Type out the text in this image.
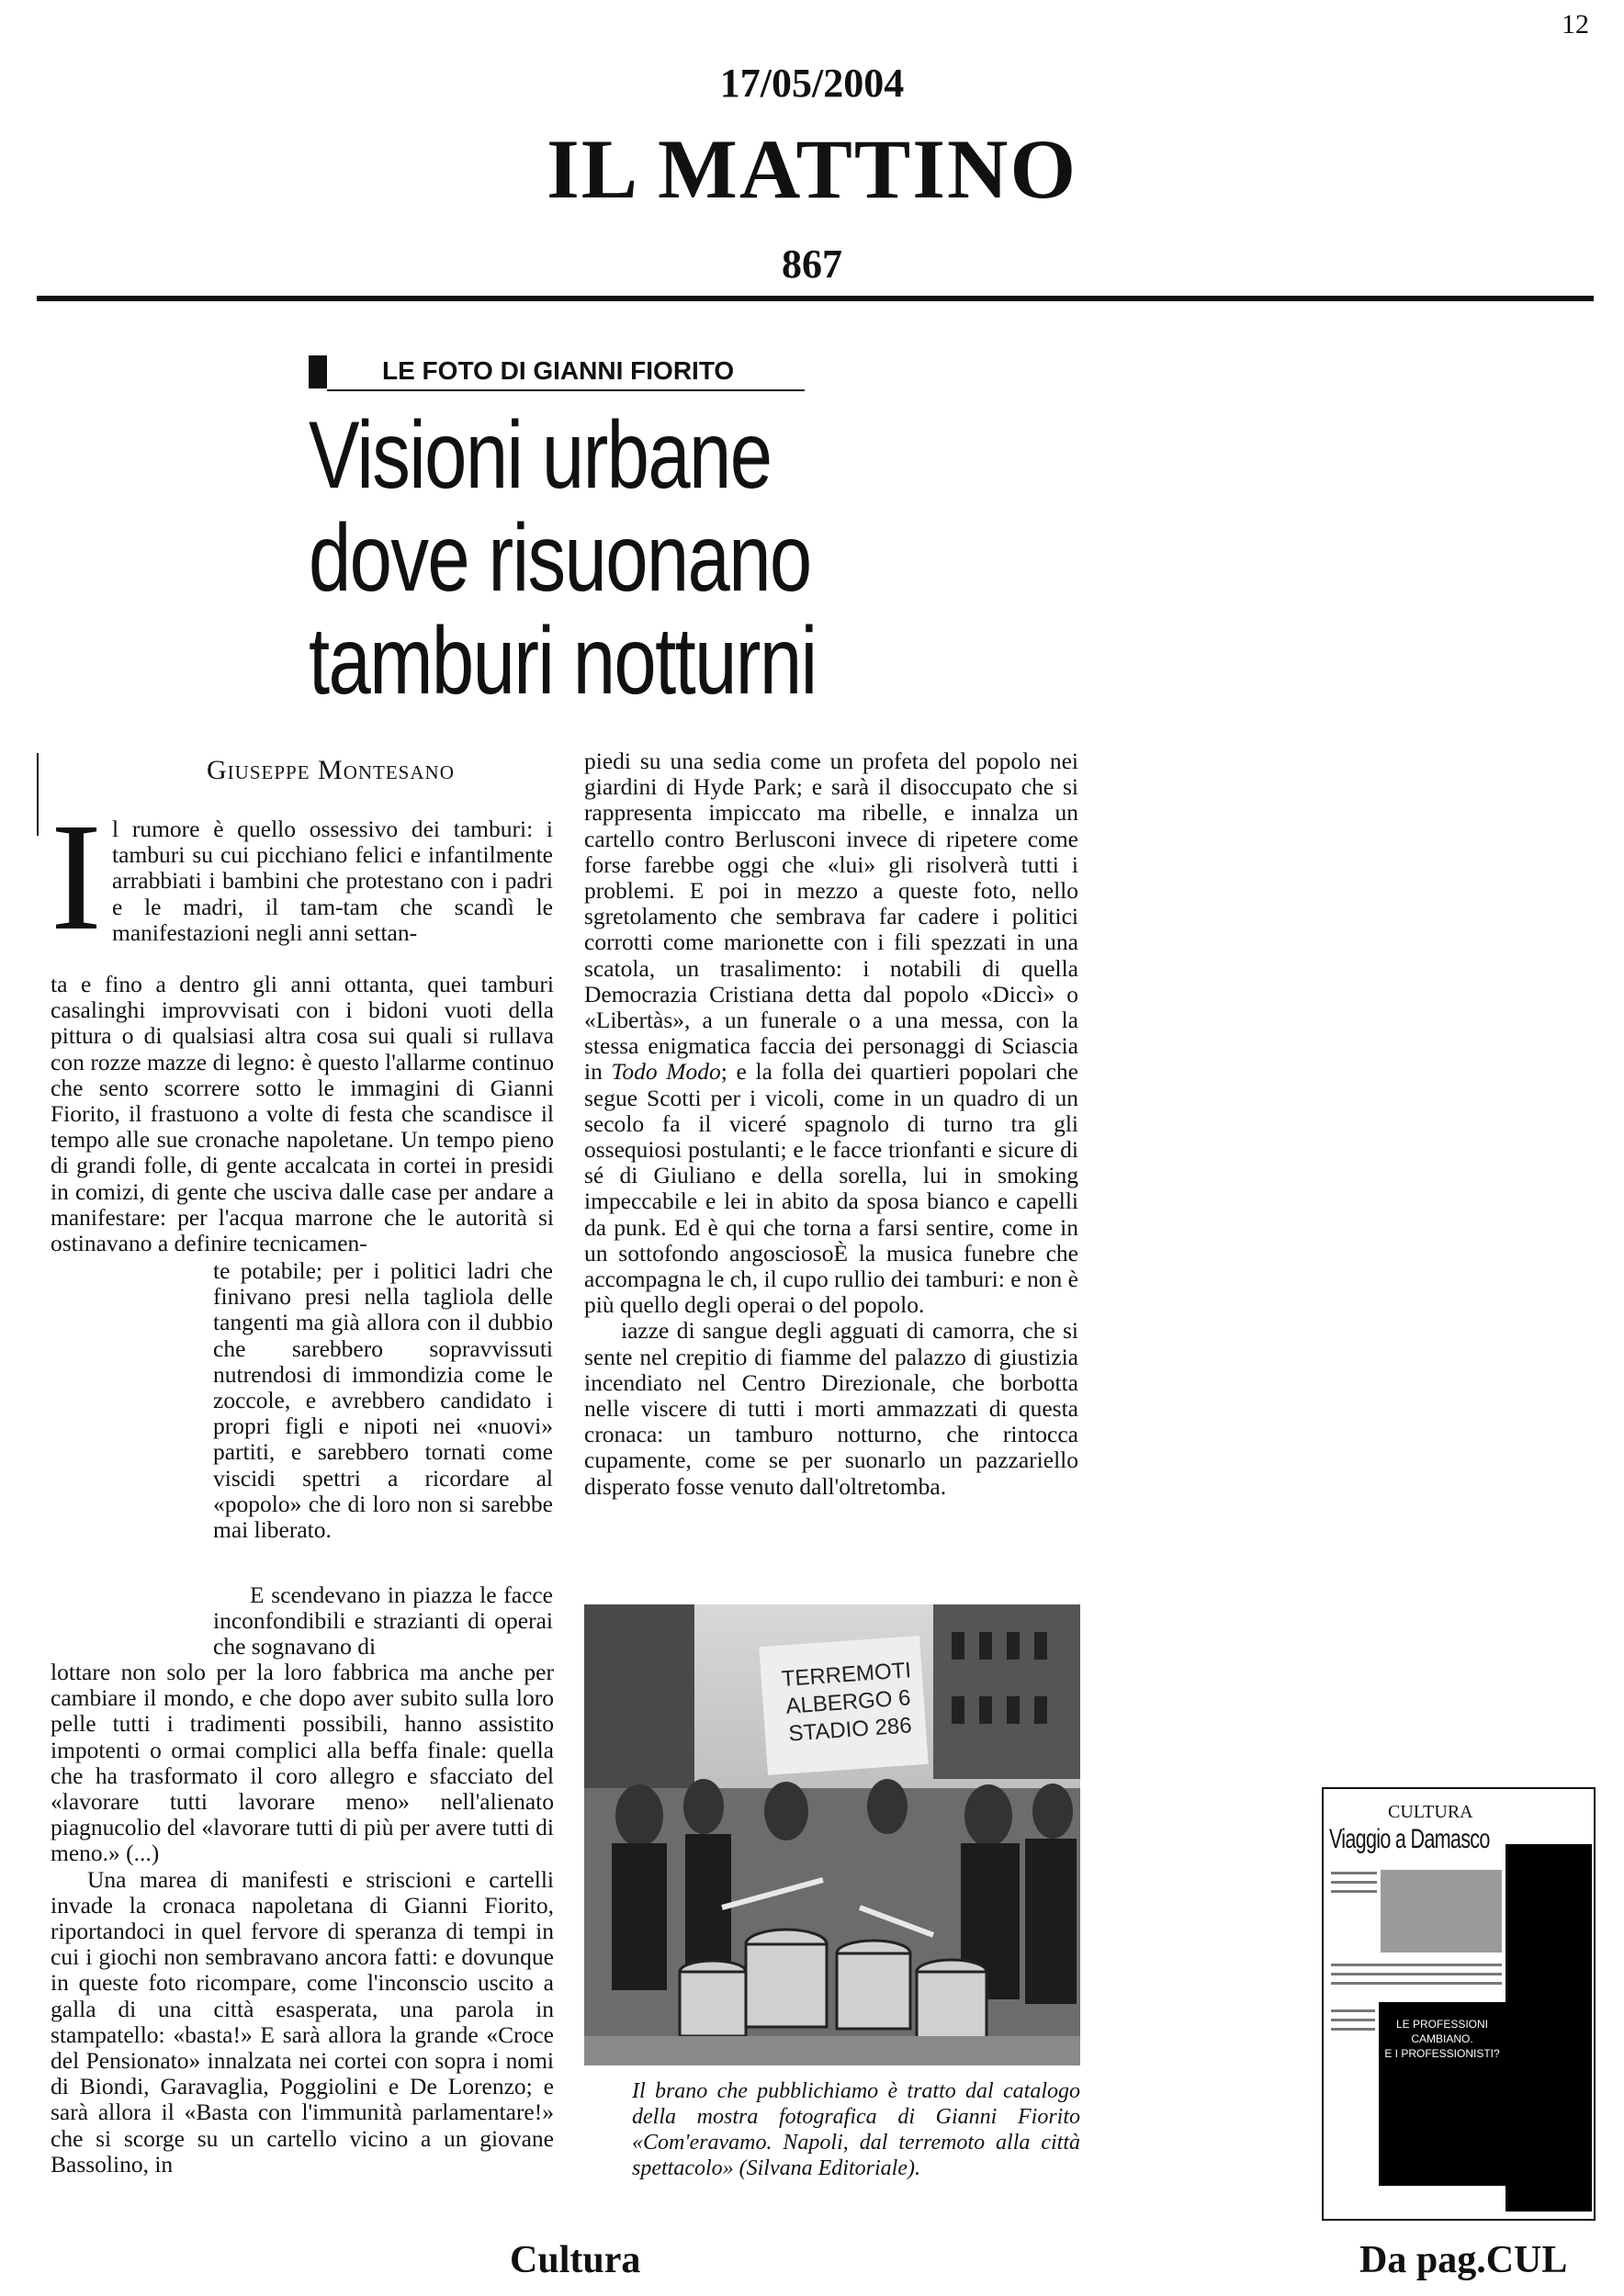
12
17/05/2004
IL MATTINO
867
LE FOTO DI GIANNI FIORITO
Visioni urbane
dove risuonano
tamburi notturni
Giuseppe Montesano
I l rumore è quello ossessivo dei tamburi: i tamburi su cui picchiano felici e infantilmente arrabbiati i bambini che protestano con i padri e le madri, il tam-tam che scandì le manifestazioni negli anni settan-

ta e fino a dentro gli anni ottanta, quei tamburi casalinghi improvvisati con i bidoni vuoti della pittura o di qualsiasi altra cosa sui quali si rullava con rozze mazze di legno: è questo l'allarme continuo che sento scorrere sotto le immagini di Gianni Fiorito, il frastuono a volte di festa che scandisce il tempo alle sue cronache napoletane. Un tempo pieno di grandi folle, di gente accalcata in cortei in presidi in comizi, di gente che usciva dalle case per andare a manifestare: per l'acqua marrone che le autorità si ostinavano a definire tecnicamen-

te potabile; per i politici ladri che finivano presi nella tagliola delle tangenti ma già allora con il dubbio che sarebbero sopravvissuti nutrendosi di immondizia come le zoccole, e avrebbero candidato i propri figli e nipoti nei «nuovi» partiti, e sarebbero tornati come viscidi spettri a ricordare al «popolo» che di loro non si sarebbe mai liberato.

E scendevano in piazza le facce inconfondibili e strazianti di operai che sognavano di

lottare non solo per la loro fabbrica ma anche per cambiare il mondo, e che dopo aver subito sulla loro pelle tutti i tradimenti possibili, hanno assistito impotenti o ormai complici alla beffa finale: quella che ha trasformato il coro allegro e sfacciato del «lavorare tutti lavorare meno» nell'alienato piagnucolio del «lavorare tutti di più per avere tutti di meno.» (...)

Una marea di manifesti e striscioni e cartelli invade la cronaca napoletana di Gianni Fiorito, riportandoci in quel fervore di speranza di tempi in cui i giochi non sembravano ancora fatti: e dovunque in queste foto ricompare, come l'inconscio uscito a galla di una città esasperata, una parola in stampatello: «basta!» E sarà allora la grande «Croce del Pensionato» innalzata nei cortei con sopra i nomi di Biondi, Garavaglia, Poggiolini e De Lorenzo; e sarà allora il «Basta con l'immunità parlamentare!» che si scorge su un cartello vicino a un giovane Bassolino, in

piedi su una sedia come un profeta del popolo nei giardini di Hyde Park; e sarà il disoccupato che si rappresenta impiccato ma ribelle, e innalza un cartello contro Berlusconi invece di ripetere come forse farebbe oggi che «lui» gli risolverà tutti i problemi. E poi in mezzo a queste foto, nello sgretolamento che sembrava far cadere i politici corrotti come marionette con i fili spezzati in una scatola, un trasalimento: i notabili di quella Democrazia Cristiana detta dal popolo «Diccì» o «Libertàs», a un funerale o a una messa, con la stessa enigmatica faccia dei personaggi di Sciascia in Todo Modo; e la folla dei quartieri popolari che segue Scotti per i vicoli, come in un quadro di un secolo fa il viceré spagnolo di turno tra gli ossequiosi postulanti; e le facce trionfanti e sicure di sé di Giuliano e della sorella, lui in smoking impeccabile e lei in abito da sposa bianco e capelli da punk. Ed è qui che torna a farsi sentire, come in un sottofondo angosciosoÈ la musica funebre che accompagna le ch, il cupo rullio dei tamburi: e non è più quello degli operai o del popolo.

iazze di sangue degli agguati di camorra, che si sente nel crepitio di fiamme del palazzo di giustizia incendiato nel Centro Direzionale, che borbotta nelle viscere di tutti i morti ammazzati di questa cronaca: un tamburo notturno, che rintocca cupamente, come se per suonarlo un pazzariello disperato fosse venuto dall'oltretomba.

TERREMOTI
ALBERGO 6
STADIO 286
Il brano che pubblichiamo è tratto dal catalogo della mostra fotografica di Gianni Fiorito «Com'eravamo. Napoli, dal terremoto alla città spettacolo» (Silvana Editoriale).
Cultura	Da pag.CUL
CULTURA
Viaggio a Damasco
LE PROFESSIONI
CAMBIANO.
E I PROFESSIONISTI?
